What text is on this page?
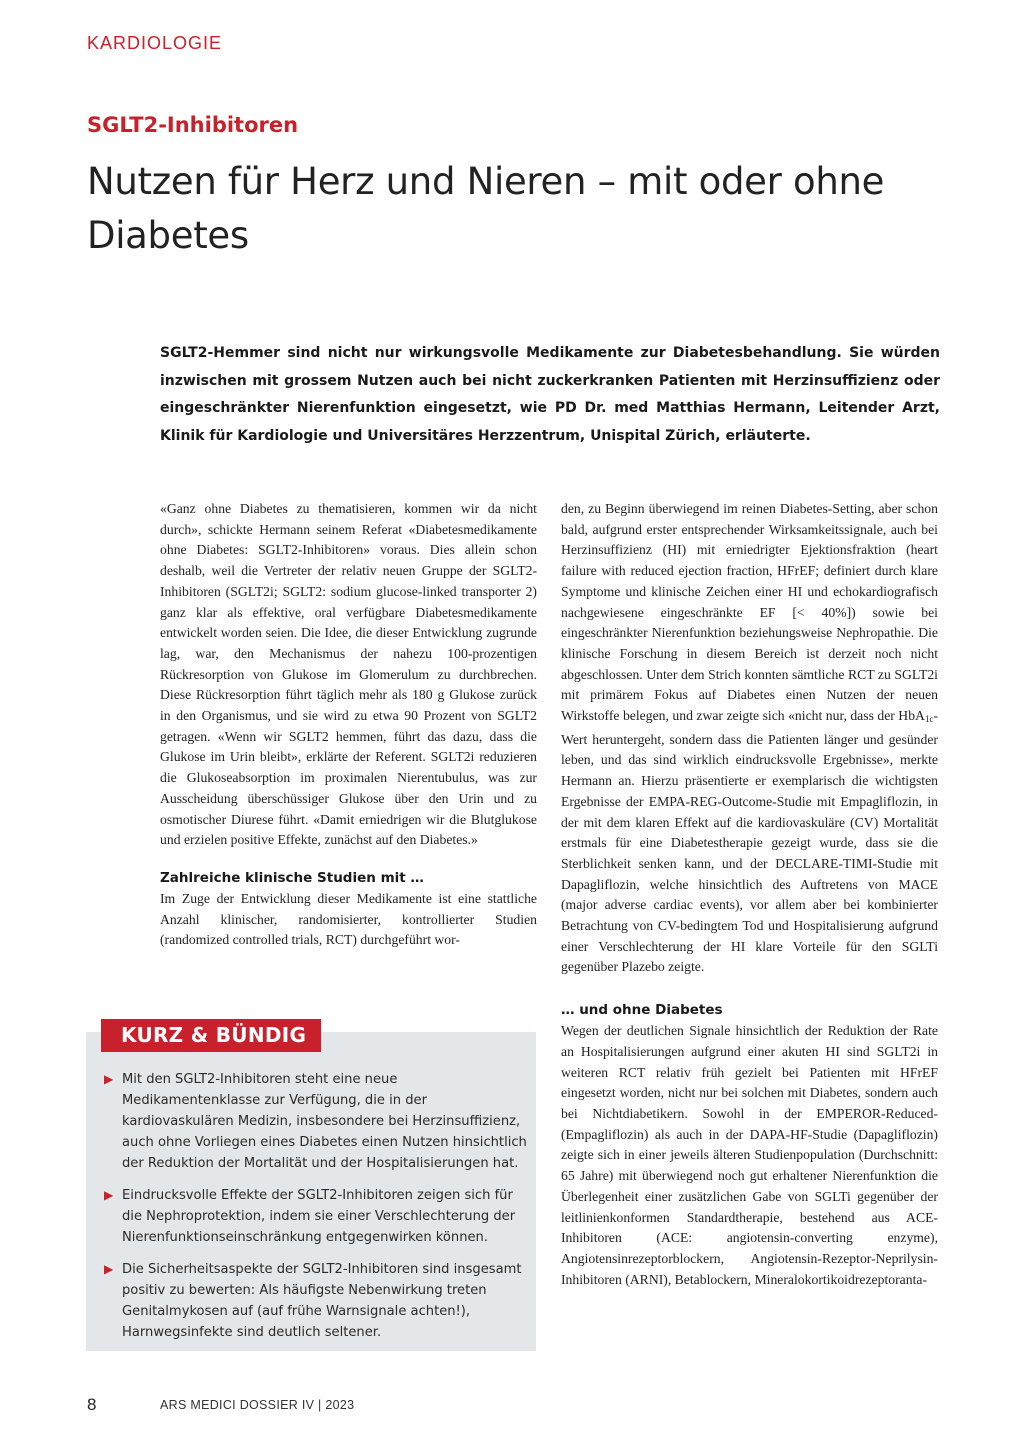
KARDIOLOGIE
SGLT2-Inhibitoren
Nutzen für Herz und Nieren – mit oder ohne Diabetes

SGLT2-Hemmer sind nicht nur wirkungsvolle Medikamente zur Diabetesbehandlung. Sie würden inzwischen mit grossem Nutzen auch bei nicht zuckerkranken Patienten mit Herzinsuffizienz oder eingeschränkter Nierenfunktion eingesetzt, wie PD Dr. med Matthias Hermann, Leitender Arzt, Klinik für Kardiologie und Universitäres Herzzentrum, Unispital Zürich, erläuterte.

«Ganz ohne Diabetes zu thematisieren, kommen wir da nicht durch», schickte Hermann seinem Referat «Diabetesmedikamente ohne Diabetes: SGLT2-Inhibitoren» voraus. Dies allein schon deshalb, weil die Vertreter der relativ neuen Gruppe der SGLT2-Inhibitoren (SGLT2i; SGLT2: sodium glucose-linked transporter 2) ganz klar als effektive, oral verfügbare Diabetesmedikamente entwickelt worden seien. Die Idee, die dieser Entwicklung zugrunde lag, war, den Mechanismus der nahezu 100-prozentigen Rückresorption von Glukose im Glomerulum zu durchbrechen. Diese Rückresorption führt täglich mehr als 180 g Glukose zurück in den Organismus, und sie wird zu etwa 90 Prozent von SGLT2 getragen. «Wenn wir SGLT2 hemmen, führt das dazu, dass die Glukose im Urin bleibt», erklärte der Referent. SGLT2i reduzieren die Glukoseabsorption im proximalen Nierentubulus, was zur Ausscheidung überschüssiger Glukose über den Urin und zu osmotischer Diurese führt. «Damit erniedrigen wir die Blutglukose und erzielen positive Effekte, zunächst auf den Diabetes.»

Zahlreiche klinische Studien mit …

Im Zuge der Entwicklung dieser Medikamente ist eine stattliche Anzahl klinischer, randomisierter, kontrollierter Studien (randomized controlled trials, RCT) durchgeführt wor-

den, zu Beginn überwiegend im reinen Diabetes-Setting, aber schon bald, aufgrund erster entsprechender Wirksamkeitssignale, auch bei Herzinsuffizienz (HI) mit erniedrigter Ejektionsfraktion (heart failure with reduced ejection fraction, HFrEF; definiert durch klare Symptome und klinische Zeichen einer HI und echokardiografisch nachgewiesene eingeschränkte EF [< 40%]) sowie bei eingeschränkter Nierenfunktion beziehungsweise Nephropathie. Die klinische Forschung in diesem Bereich ist derzeit noch nicht abgeschlossen. Unter dem Strich konnten sämtliche RCT zu SGLT2i mit primärem Fokus auf Diabetes einen Nutzen der neuen Wirkstoffe belegen, und zwar zeigte sich «nicht nur, dass der HbA$_{1c}$-Wert heruntergeht, sondern dass die Patienten länger und gesünder leben, und das sind wirklich eindrucksvolle Ergebnisse», merkte Hermann an. Hierzu präsentierte er exemplarisch die wichtigsten Ergebnisse der EMPA-REG-Outcome-Studie mit Empagliflozin, in der mit dem klaren Effekt auf die kardiovaskuläre (CV) Mortalität erstmals für eine Diabetestherapie gezeigt wurde, dass sie die Sterblichkeit senken kann, und der DECLARE-TIMI-Studie mit Dapagliflozin, welche hinsichtlich des Auftretens von MACE (major adverse cardiac events), vor allem aber bei kombinierter Betrachtung von CV-bedingtem Tod und Hospitalisierung aufgrund einer Verschlechterung der HI klare Vorteile für den SGLTi gegenüber Plazebo zeigte.

… und ohne Diabetes

Wegen der deutlichen Signale hinsichtlich der Reduktion der Rate an Hospitalisierungen aufgrund einer akuten HI sind SGLT2i in weiteren RCT relativ früh gezielt bei Patienten mit HFrEF eingesetzt worden, nicht nur bei solchen mit Diabetes, sondern auch bei Nichtdiabetikern. Sowohl in der EMPEROR-Reduced- (Empagliflozin) als auch in der DAPA-HF-Studie (Dapagliflozin) zeigte sich in einer jeweils älteren Studienpopulation (Durchschnitt: 65 Jahre) mit überwiegend noch gut erhaltener Nierenfunktion die Überlegenheit einer zusätzlichen Gabe von SGLTi gegenüber der leitlinienkonformen Standardtherapie, bestehend aus ACE-Inhibitoren (ACE: angiotensin-converting enzyme), Angiotensinrezeptorblockern, Angiotensin-Rezeptor-Neprilysin-Inhibitoren (ARNI), Betablockern, Mineralokortikoidrezeptoranta-

KURZ & BÜNDIG
▶ Mit den SGLT2-Inhibitoren steht eine neue Medikamentenklasse zur Verfügung, die in der kardiovaskulären Medizin, insbesondere bei Herzinsuffizienz, auch ohne Vorliegen eines Diabetes einen Nutzen hinsichtlich der Reduktion der Mortalität und der Hospitalisierungen hat.
▶ Eindrucksvolle Effekte der SGLT2-Inhibitoren zeigen sich für die Nephroprotektion, indem sie einer Verschlechterung der Nierenfunktionseinschränkung entgegenwirken können.
▶ Die Sicherheitsaspekte der SGLT2-Inhibitoren sind insgesamt positiv zu bewerten: Als häufigste Nebenwirkung treten Genitalmykosen auf (auf frühe Warnsignale achten!), Harnwegsinfekte sind deutlich seltener.
8	ARS MEDICI DOSSIER IV | 2023
